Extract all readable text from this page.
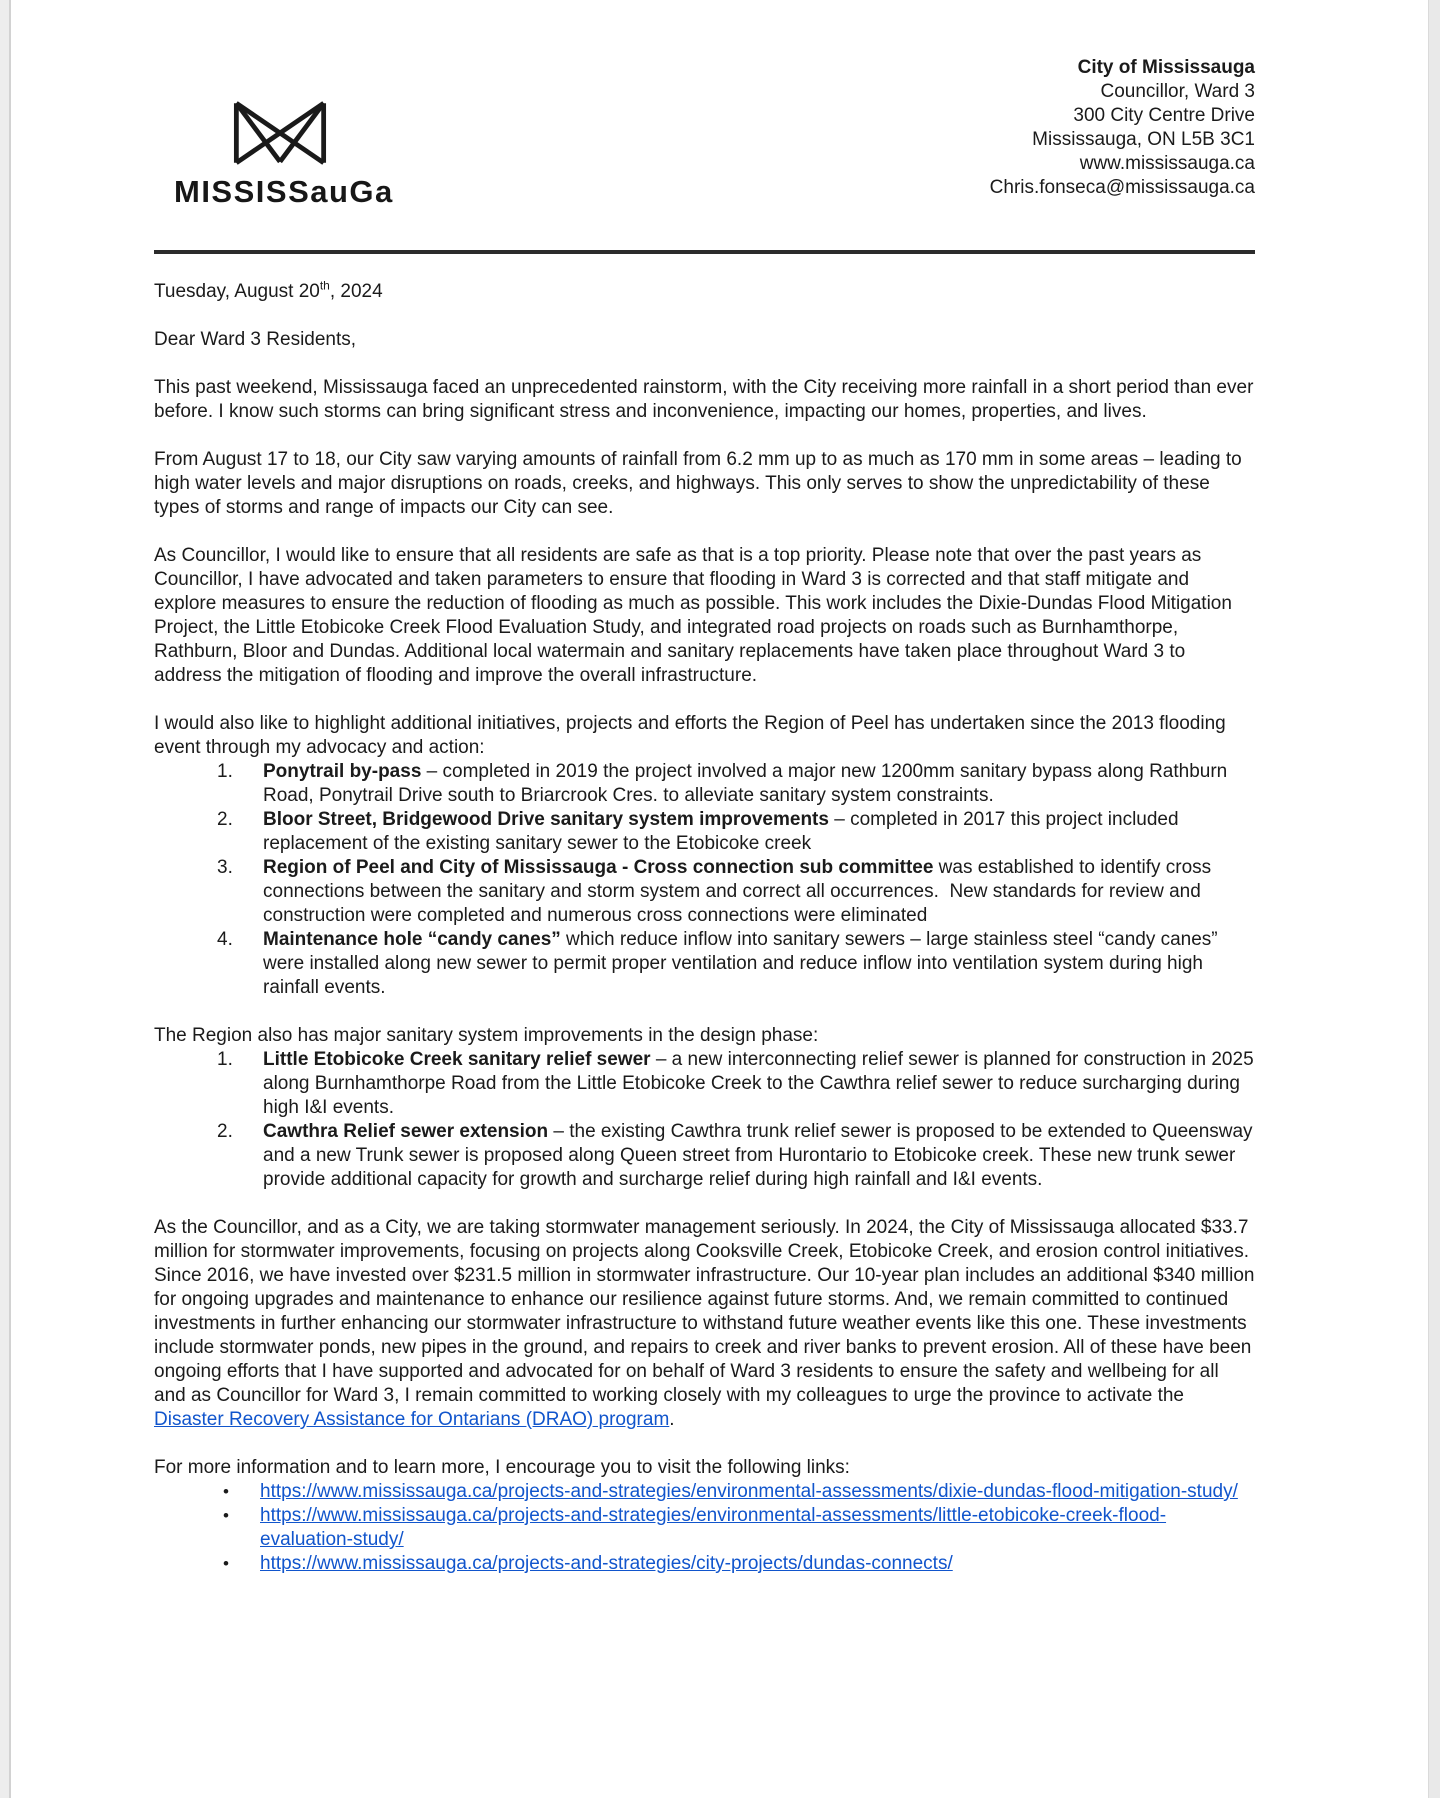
MISSISSauGa
City of Mississauga
Councillor, Ward 3
300 City Centre Drive
Mississauga, ON L5B 3C1
www.mississauga.ca
Chris.fonseca@mississauga.ca
Tuesday, August 20th, 2024

Dear Ward 3 Residents,

This past weekend, Mississauga faced an unprecedented rainstorm, with the City receiving more rainfall in a short period than ever before. I know such storms can bring significant stress and inconvenience, impacting our homes, properties, and lives.

From August 17 to 18, our City saw varying amounts of rainfall from 6.2 mm up to as much as 170 mm in some areas – leading to high water levels and major disruptions on roads, creeks, and highways. This only serves to show the unpredictability of these types of storms and range of impacts our City can see.

As Councillor, I would like to ensure that all residents are safe as that is a top priority. Please note that over the past years as Councillor, I have advocated and taken parameters to ensure that flooding in Ward 3 is corrected and that staff mitigate and explore measures to ensure the reduction of flooding as much as possible. This work includes the Dixie-Dundas Flood Mitigation Project, the Little Etobicoke Creek Flood Evaluation Study, and integrated road projects on roads such as Burnhamthorpe, Rathburn, Bloor and Dundas. Additional local watermain and sanitary replacements have taken place throughout Ward 3 to address the mitigation of flooding and improve the overall infrastructure.

I would also like to highlight additional initiatives, projects and efforts the Region of Peel has undertaken since the 2013 flooding event through my advocacy and action:

1.	Ponytrail by-pass – completed in 2019 the project involved a major new 1200mm sanitary bypass along Rathburn Road, Ponytrail Drive south to Briarcrook Cres. to alleviate sanitary system constraints.
2.	Bloor Street, Bridgewood Drive sanitary system improvements – completed in 2017 this project included replacement of the existing sanitary sewer to the Etobicoke creek
3.	Region of Peel and City of Mississauga - Cross connection sub committee was established to identify cross connections between the sanitary and storm system and correct all occurrences.  New standards for review and construction were completed and numerous cross connections were eliminated
4.	Maintenance hole “candy canes” which reduce inflow into sanitary sewers – large stainless steel “candy canes” were installed along new sewer to permit proper ventilation and reduce inflow into ventilation system during high rainfall events.

The Region also has major sanitary system improvements in the design phase:

1.	Little Etobicoke Creek sanitary relief sewer – a new interconnecting relief sewer is planned for construction in 2025 along Burnhamthorpe Road from the Little Etobicoke Creek to the Cawthra relief sewer to reduce surcharging during high I&I events.
2.	Cawthra Relief sewer extension – the existing Cawthra trunk relief sewer is proposed to be extended to Queensway and a new Trunk sewer is proposed along Queen street from Hurontario to Etobicoke creek. These new trunk sewer provide additional capacity for growth and surcharge relief during high rainfall and I&I events.

As the Councillor, and as a City, we are taking stormwater management seriously. In 2024, the City of Mississauga allocated $33.7 million for stormwater improvements, focusing on projects along Cooksville Creek, Etobicoke Creek, and erosion control initiatives. Since 2016, we have invested over $231.5 million in stormwater infrastructure. Our 10-year plan includes an additional $340 million for ongoing upgrades and maintenance to enhance our resilience against future storms. And, we remain committed to continued investments in further enhancing our stormwater infrastructure to withstand future weather events like this one. These investments include stormwater ponds, new pipes in the ground, and repairs to creek and river banks to prevent erosion. All of these have been ongoing efforts that I have supported and advocated for on behalf of Ward 3 residents to ensure the safety and wellbeing for all and as Councillor for Ward 3, I remain committed to working closely with my colleagues to urge the province to activate the Disaster Recovery Assistance for Ontarians (DRAO) program.

For more information and to learn more, I encourage you to visit the following links:

•	https://www.mississauga.ca/projects-and-strategies/environmental-assessments/dixie-dundas-flood-mitigation-study/
•	https://www.mississauga.ca/projects-and-strategies/environmental-assessments/little-etobicoke-creek-flood-evaluation-study/
•	https://www.mississauga.ca/projects-and-strategies/city-projects/dundas-connects/
